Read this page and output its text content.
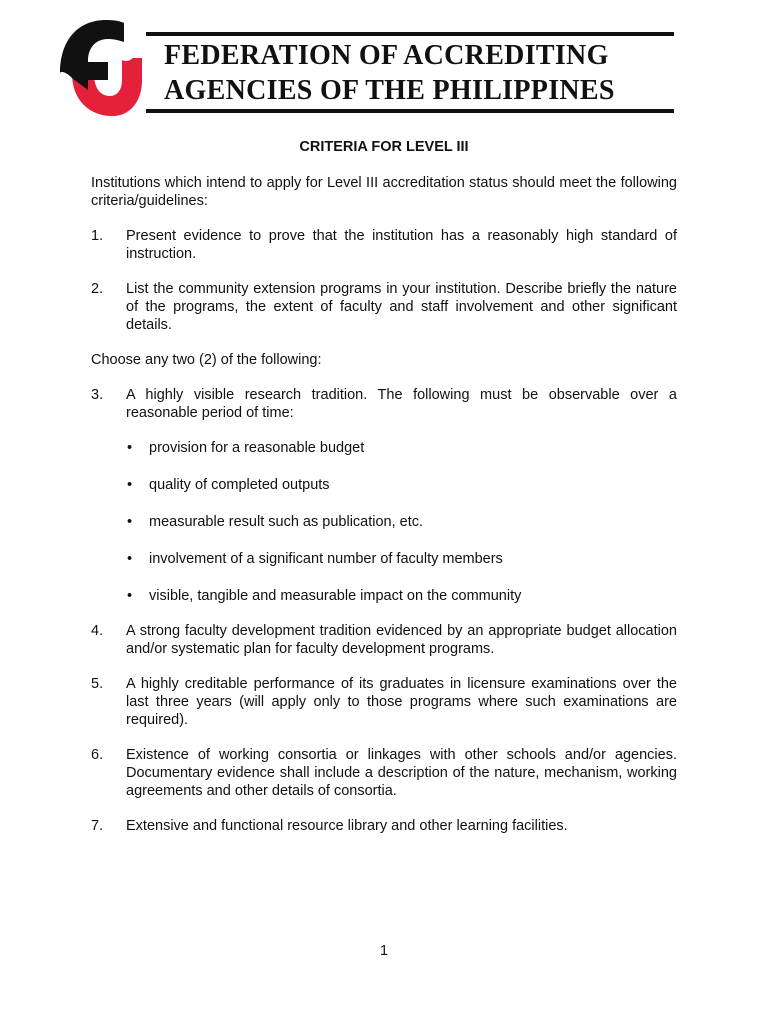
FEDERATION OF ACCREDITING
AGENCIES OF THE PHILIPPINES
CRITERIA FOR LEVEL III

Institutions which intend to apply for Level III accreditation status should meet the following criteria/guidelines:

1. Present evidence to prove that the institution has a reasonably high standard of instruction.
2. List the community extension programs in your institution. Describe briefly the nature of the programs, the extent of faculty and staff involvement and other significant details.

Choose any two (2) of the following:

3. A highly visible research tradition. The following must be observable over a reasonable period of time:
• provision for a reasonable budget
• quality of completed outputs
• measurable result such as publication, etc.
• involvement of a significant number of faculty members
• visible, tangible and measurable impact on the community
4. A strong faculty development tradition evidenced by an appropriate budget allocation and/or systematic plan for faculty development programs.
5. A highly creditable performance of its graduates in licensure examinations over the last three years (will apply only to those programs where such examinations are required).
6. Existence of working consortia or linkages with other schools and/or agencies. Documentary evidence shall include a description of the nature, mechanism, working agreements and other details of consortia.
7. Extensive and functional resource library and other learning facilities.
1
